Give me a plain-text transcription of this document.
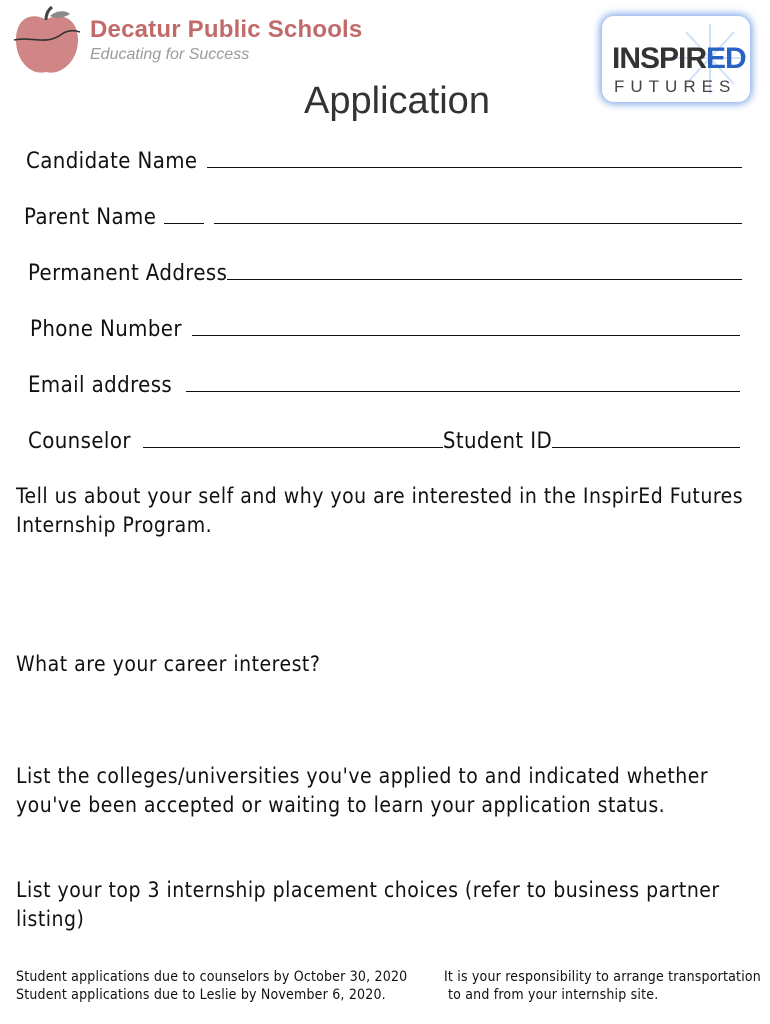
Decatur Public Schools
Educating for Success	INSPIRED
FUTURES
Application
Candidate Name
Parent Name
Permanent Address
Phone Number
Email address
Counselor	Student ID
Tell us about your self and why you are interested in the InspirEd Futures Internship Program.
What are your career interest?
List the colleges/universities you've applied to and indicated whether you've been accepted or waiting to learn your application status.
List your top 3 internship placement choices (refer to business partner listing)
Student applications due to counselors by October 30, 2020
Student applications due to Leslie by November 6, 2020.
It is your responsibility to arrange transportation
to and from your internship site.
